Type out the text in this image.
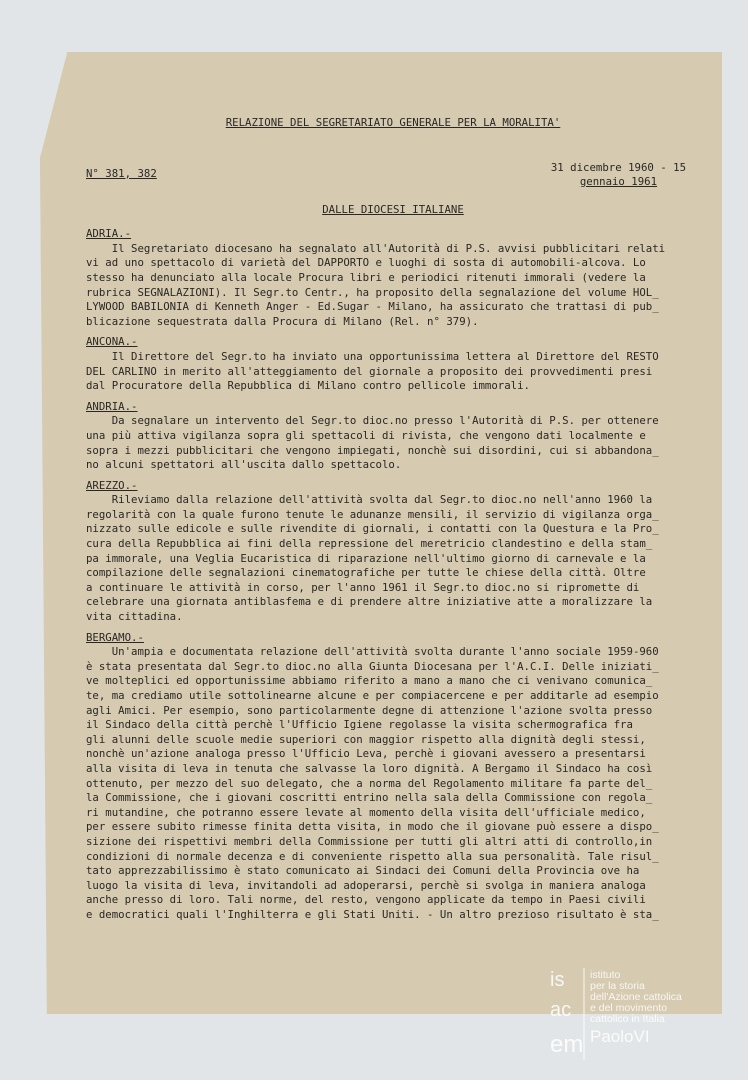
RELAZIONE DEL SEGRETARIATO GENERALE PER LA MORALITA'
N° 381, 382	31 dicembre 1960 - 15
gennaio 1961
DALLE DIOCESI ITALIANE
ADRIA.-
Il Segretariato diocesano ha segnalato all'Autorità di P.S. avvisi pubblicitari relati
vi ad uno spettacolo di varietà del DAPPORTO e luoghi di sosta di automobili-alcova. Lo
stesso ha denunciato alla locale Procura libri e periodici ritenuti immorali (vedere la
rubrica SEGNALAZIONI). Il Segr.to Centr., ha proposito della segnalazione del volume HOL_
LYWOOD BABILONIA di Kenneth Anger - Ed.Sugar - Milano, ha assicurato che trattasi di pub_
blicazione sequestrata dalla Procura di Milano (Rel. n° 379).
ANCONA.-
Il Direttore del Segr.to ha inviato una opportunissima lettera al Direttore del RESTO
DEL CARLINO in merito all'atteggiamento del giornale a proposito dei provvedimenti presi
dal Procuratore della Repubblica di Milano contro pellicole immorali.
ANDRIA.-
Da segnalare un intervento del Segr.to dioc.no presso l'Autorità di P.S. per ottenere
una più attiva vigilanza sopra gli spettacoli di rivista, che vengono dati localmente e
sopra i mezzi pubblicitari che vengono impiegati, nonchè sui disordini, cui si abbandona_
no alcuni spettatori all'uscita dallo spettacolo.
AREZZO.-
Rileviamo dalla relazione dell'attività svolta dal Segr.to dioc.no nell'anno 1960 la
regolarità con la quale furono tenute le adunanze mensili, il servizio di vigilanza orga_
nizzato sulle edicole e sulle rivendite di giornali, i contatti con la Questura e la Pro_
cura della Repubblica ai fini della repressione del meretricio clandestino e della stam_
pa immorale, una Veglia Eucaristica di riparazione nell'ultimo giorno di carnevale e la
compilazione delle segnalazioni cinematografiche per tutte le chiese della città. Oltre
a continuare le attività in corso, per l'anno 1961 il Segr.to dioc.no si ripromette di
celebrare una giornata antiblasfema e di prendere altre iniziative atte a moralizzare la
vita cittadina.
BERGAMO.-
Un'ampia e documentata relazione dell'attività svolta durante l'anno sociale 1959-960
è stata presentata dal Segr.to dioc.no alla Giunta Diocesana per l'A.C.I. Delle iniziati_
ve molteplici ed opportunissime abbiamo riferito a mano a mano che ci venivano comunica_
te, ma crediamo utile sottolinearne alcune e per compiacercene e per additarle ad esempio
agli Amici. Per esempio, sono particolarmente degne di attenzione l'azione svolta presso
il Sindaco della città perchè l'Ufficio Igiene regolasse la visita schermografica fra
gli alunni delle scuole medie superiori con maggior rispetto alla dignità degli stessi,
nonchè un'azione analoga presso l'Ufficio Leva, perchè i giovani avessero a presentarsi
alla visita di leva in tenuta che salvasse la loro dignità. A Bergamo il Sindaco ha così
ottenuto, per mezzo del suo delegato, che a norma del Regolamento militare fa parte del_
la Commissione, che i giovani coscritti entrino nella sala della Commissione con regola_
ri mutandine, che potranno essere levate al momento della visita dell'ufficiale medico,
per essere subito rimesse finita detta visita, in modo che il giovane può essere a dispo_
sizione dei rispettivi membri della Commissione per tutti gli altri atti di controllo,in
condizioni di normale decenza e di conveniente rispetto alla sua personalità. Tale risul_
tato apprezzabilissimo è stato comunicato ai Sindaci dei Comuni della Provincia ove ha
luogo la visita di leva, invitandoli ad adoperarsi, perchè si svolga in maniera analoga
anche presso di loro. Tali norme, del resto, vengono applicate da tempo in Paesi civili
e democratici quali l'Inghilterra e gli Stati Uniti. - Un altro prezioso risultato è sta_
is
ac
em
istituto
per la storia
dell'Azione cattolica
e del movimento
cattolico in Italia
PaoloVI
